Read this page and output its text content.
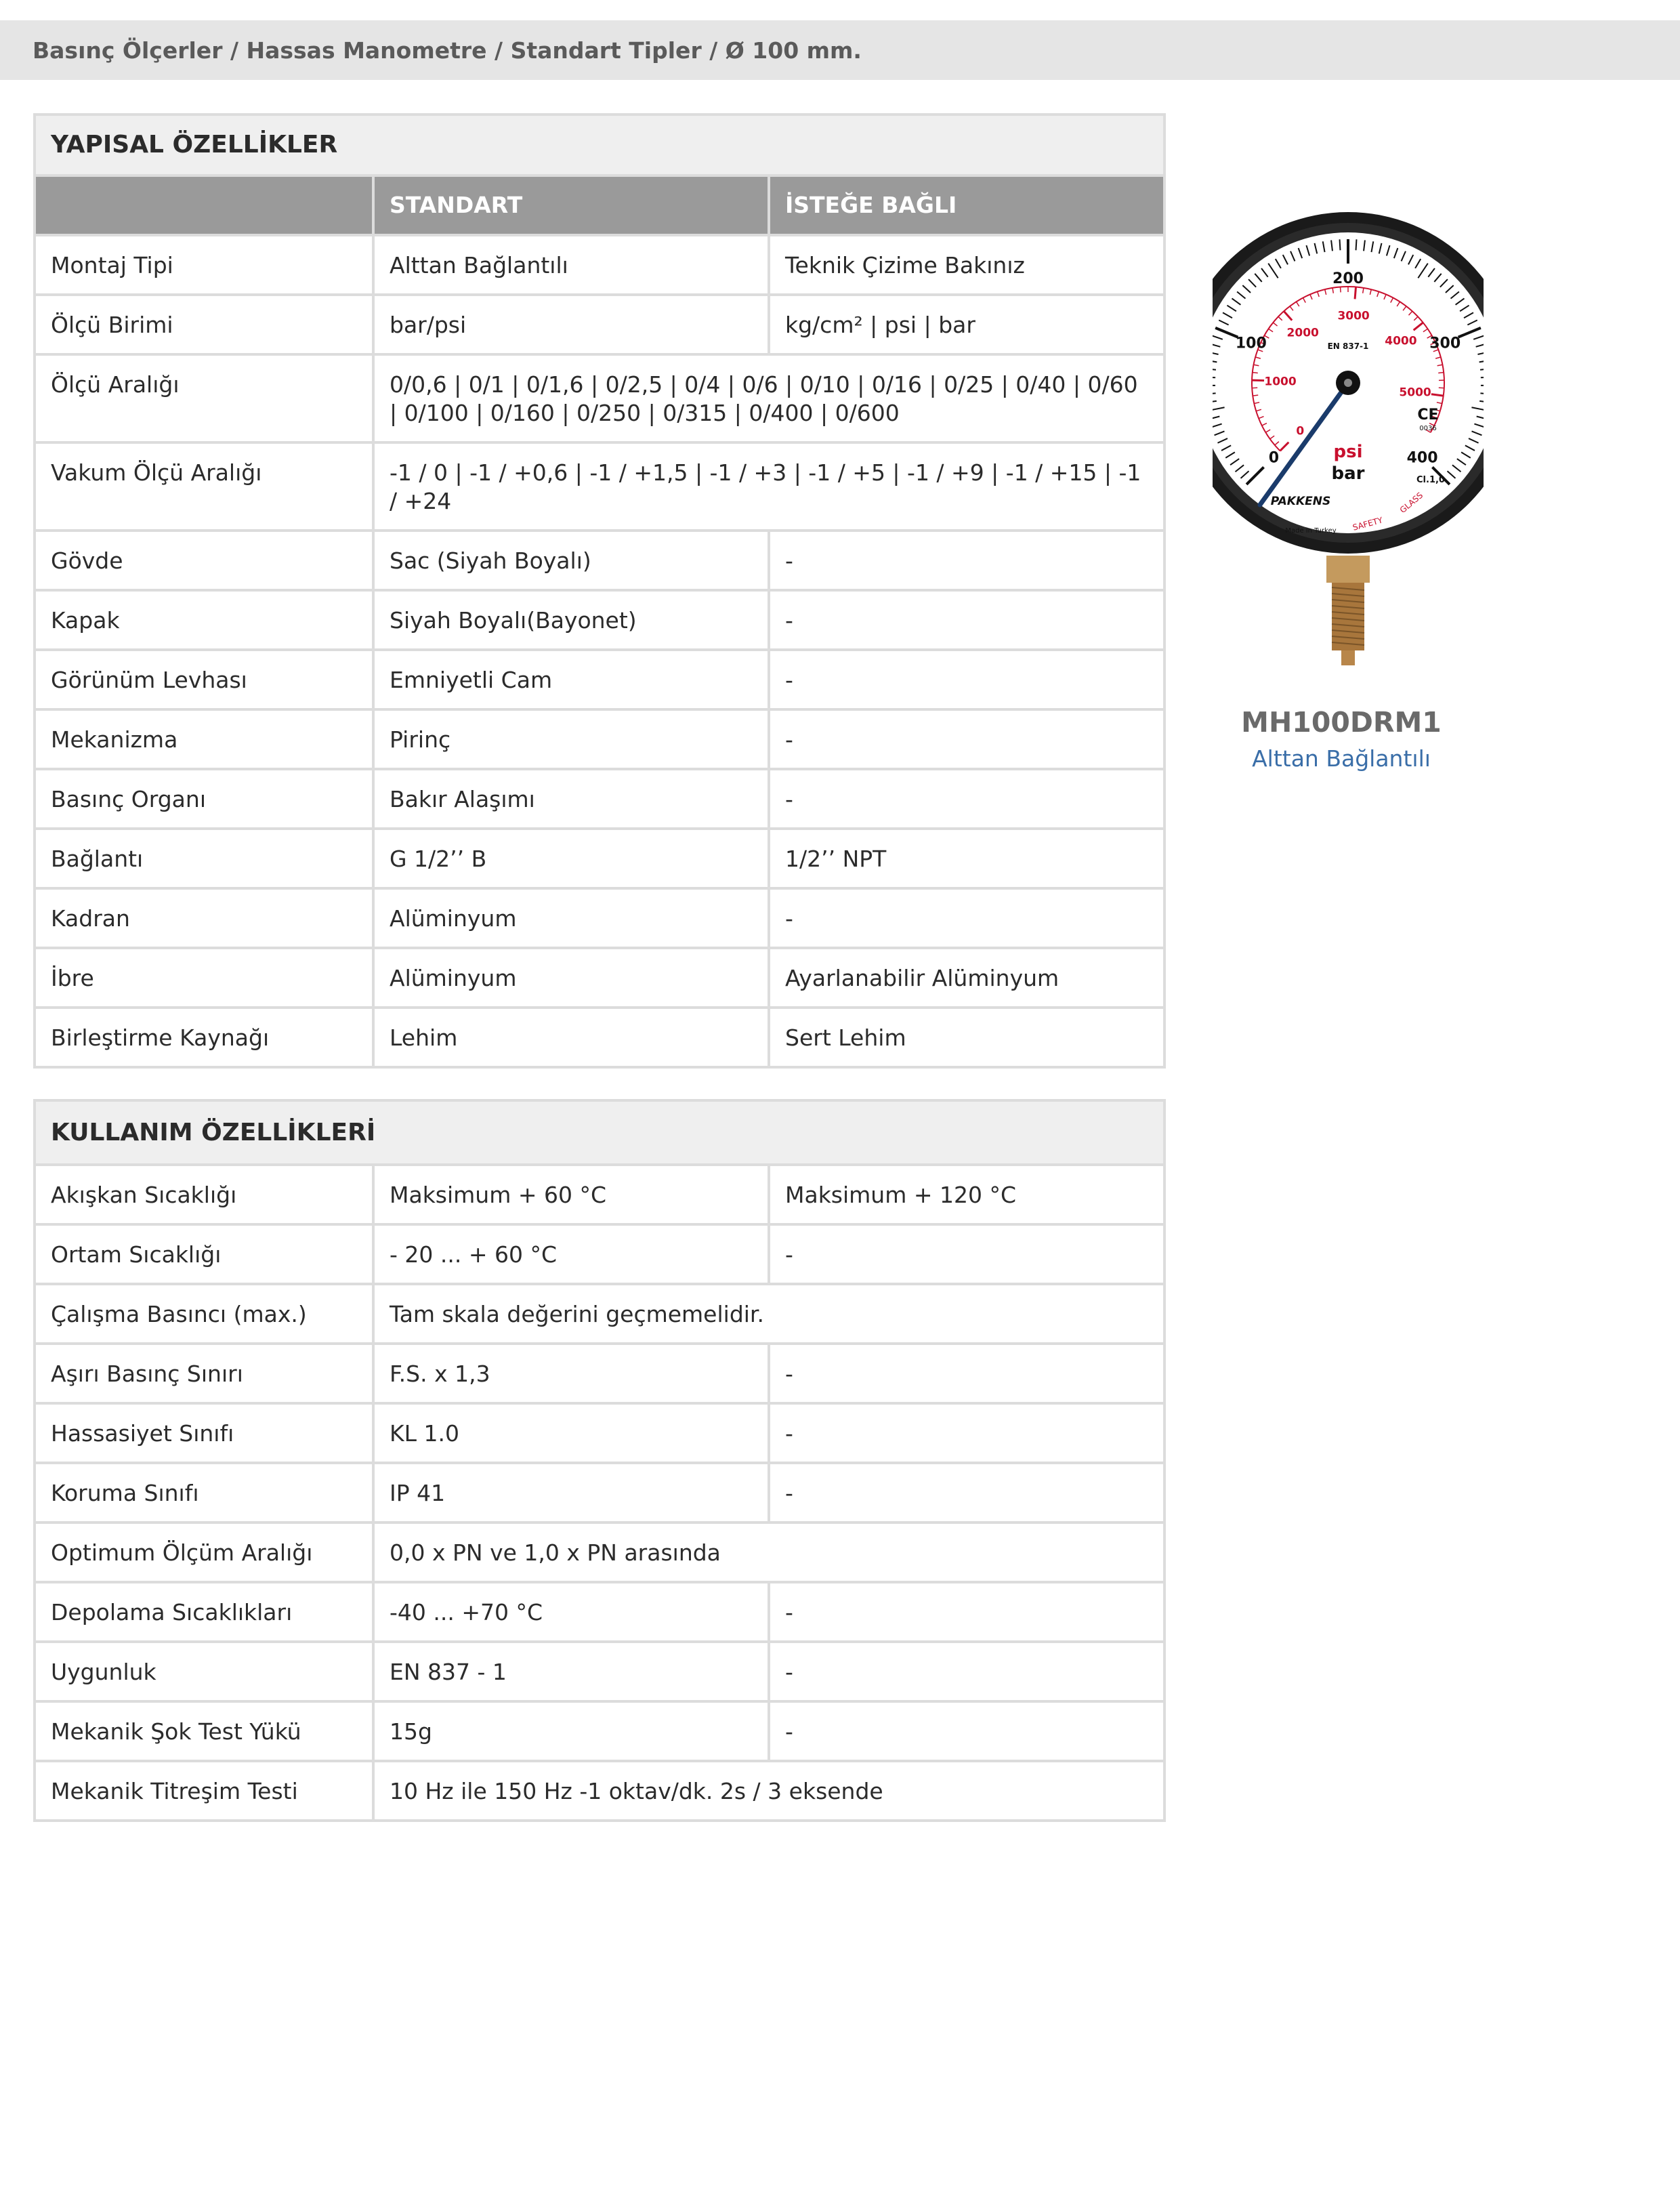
Basınç Ölçerler / Hassas Manometre / Standart Tipler / Ø 100 mm.
YAPISAL ÖZELLİKLER		
	STANDART	İSTEĞE BAĞLI
Montaj Tipi	Alttan Bağlantılı	Teknik Çizime Bakınız
Ölçü Birimi	bar/psi	kg/cm² | psi | bar
Ölçü Aralığı	0/0,6 | 0/1 | 0/1,6 | 0/2,5 | 0/4 | 0/6 | 0/10 | 0/16 | 0/25 | 0/40 | 0/60 | 0/100 | 0/160 | 0/250 | 0/315 | 0/400 | 0/600	
Vakum Ölçü Aralığı	-1 / 0 | -1 / +0,6 | -1 / +1,5 | -1 / +3 | -1 / +5 | -1 / +9 | -1 / +15 | -1 / +24	
Gövde	Sac (Siyah Boyalı)	-
Kapak	Siyah Boyalı(Bayonet)	-
Görünüm Levhası	Emniyetli Cam	-
Mekanizma	Pirinç	-
Basınç Organı	Bakır Alaşımı	-
Bağlantı	G 1/2’’ B	1/2’’ NPT
Kadran	Alüminyum	-
İbre	Alüminyum	Ayarlanabilir Alüminyum
Birleştirme Kaynağı	Lehim	Sert Lehim
KULLANIM ÖZELLİKLERİ		
Akışkan Sıcaklığı	Maksimum + 60 °C	Maksimum + 120 °C
Ortam Sıcaklığı	- 20 ... + 60 °C	-
Çalışma Basıncı (max.)	Tam skala değerini geçmemelidir.	
Aşırı Basınç Sınırı	F.S. x 1,3	-
Hassasiyet Sınıfı	KL 1.0	-
Koruma Sınıfı	IP 41	-
Optimum Ölçüm Aralığı	0,0 x PN ve 1,0 x PN arasında	
Depolama Sıcaklıkları	-40 ... +70 °C	-
Uygunluk	EN 837 - 1	-
Mekanik Şok Test Yükü	15g	-
Mekanik Titreşim Testi	10 Hz ile 150 Hz -1 oktav/dk. 2s / 3 eksende	
0
100
200
300
400
0
1000
2000
3000
4000
5000
EN 837-1
psi
bar
PAKKENS
CE
0036
Cl.1,0
Made in Turkey SAFETY
GLASS
MH100DRM1
Alttan Bağlantılı
